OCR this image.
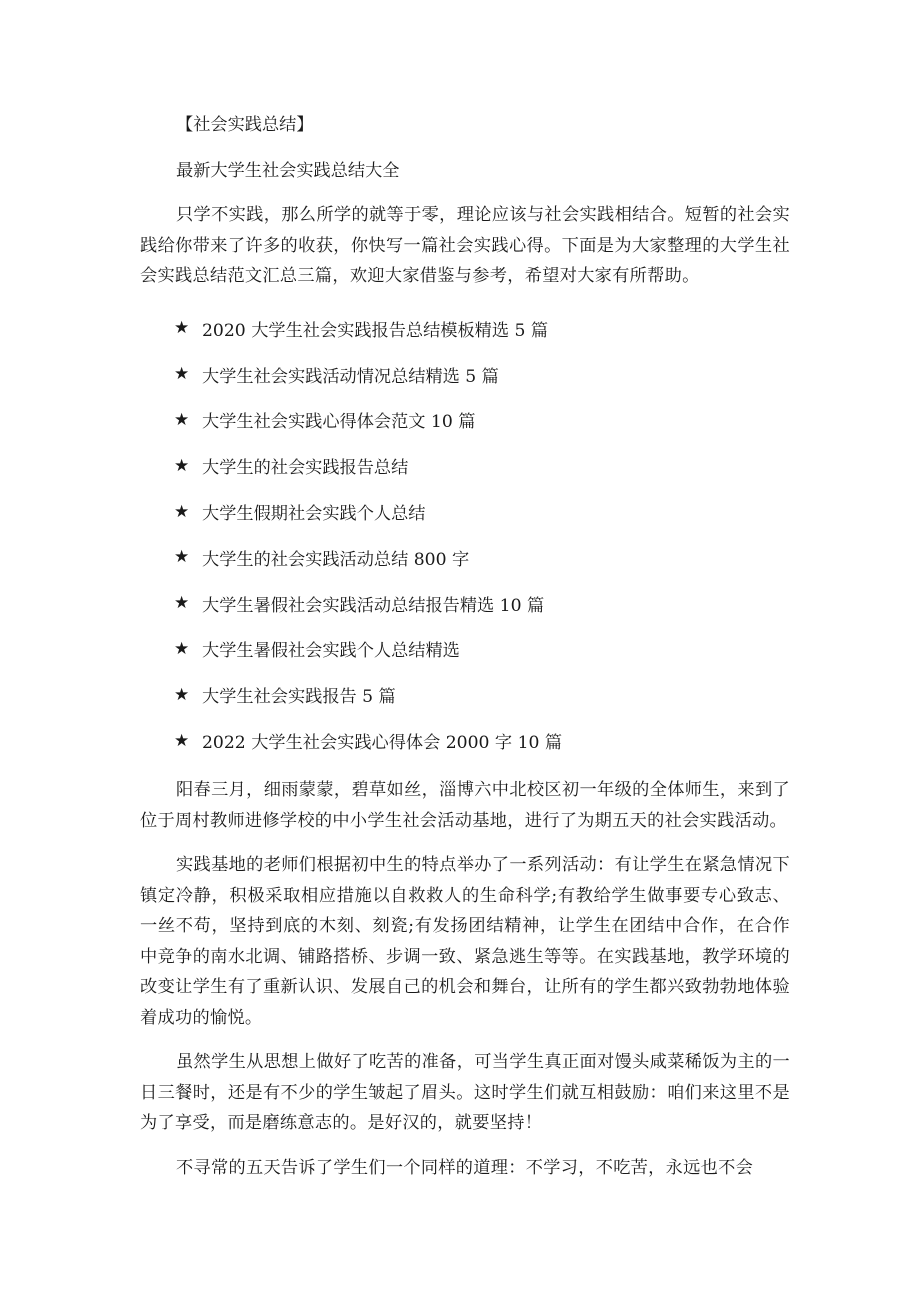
【社会实践总结】

最新大学生社会实践总结大全

只学不实践，那么所学的就等于零，理论应该与社会实践相结合。短暂的社会实践给你带来了许多的收获，你快写一篇社会实践心得。下面是为大家整理的大学生社会实践总结范文汇总三篇，欢迎大家借鉴与参考，希望对大家有所帮助。

★ 2020 大学生社会实践报告总结模板精选 5 篇
★ 大学生社会实践活动情况总结精选 5 篇
★ 大学生社会实践心得体会范文 10 篇
★ 大学生的社会实践报告总结
★ 大学生假期社会实践个人总结
★ 大学生的社会实践活动总结 800 字
★ 大学生暑假社会实践活动总结报告精选 10 篇
★ 大学生暑假社会实践个人总结精选
★ 大学生社会实践报告 5 篇
★ 2022 大学生社会实践心得体会 2000 字 10 篇

阳春三月，细雨蒙蒙，碧草如丝，淄博六中北校区初一年级的全体师生，来到了位于周村教师进修学校的中小学生社会活动基地，进行了为期五天的社会实践活动。

实践基地的老师们根据初中生的特点举办了一系列活动：有让学生在紧急情况下镇定冷静，积极采取相应措施以自救救人的生命科学;有教给学生做事要专心致志、一丝不苟，坚持到底的木刻、刻瓷;有发扬团结精神，让学生在团结中合作，在合作中竞争的南水北调、铺路搭桥、步调一致、紧急逃生等等。在实践基地，教学环境的改变让学生有了重新认识、发展自己的机会和舞台，让所有的学生都兴致勃勃地体验着成功的愉悦。

虽然学生从思想上做好了吃苦的准备，可当学生真正面对馒头咸菜稀饭为主的一日三餐时，还是有不少的学生皱起了眉头。这时学生们就互相鼓励：咱们来这里不是为了享受，而是磨练意志的。是好汉的，就要坚持！

不寻常的五天告诉了学生们一个同样的道理：不学习，不吃苦，永远也不会
